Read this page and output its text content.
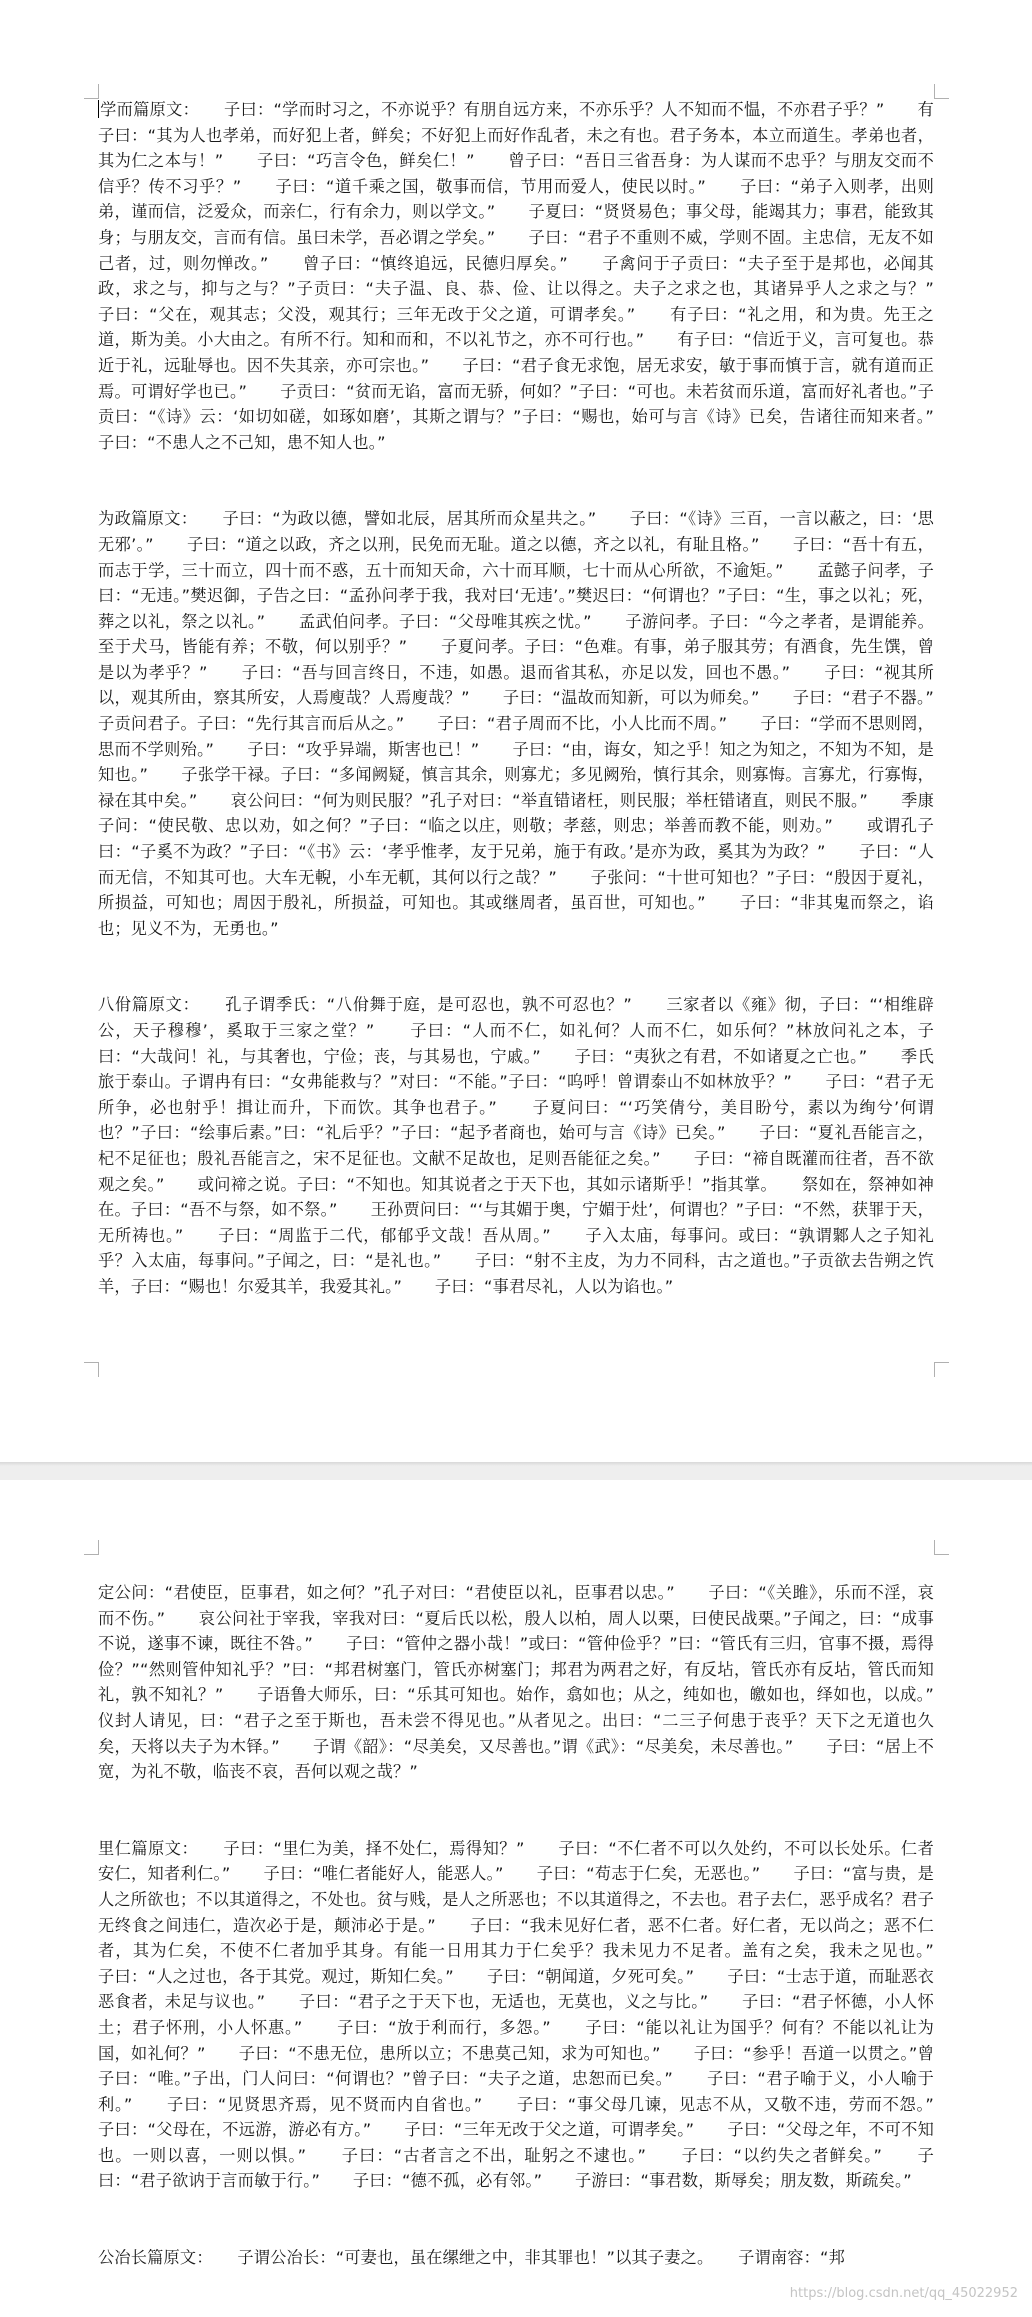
学而篇原文：　　子曰：“学而时习之，不亦说乎？有朋自远方来，不亦乐乎？人不知而不愠，不亦君子乎？”　　有子曰：“其为人也孝弟，而好犯上者，鲜矣；不好犯上而好作乱者，未之有也。君子务本，本立而道生。孝弟也者，其为仁之本与！”　　子曰：“巧言令色，鲜矣仁！”　　曾子曰：“吾日三省吾身：为人谋而不忠乎？与朋友交而不信乎？传不习乎？”　　子曰：“道千乘之国，敬事而信，节用而爱人，使民以时。”　　子曰：“弟子入则孝，出则弟，谨而信，泛爱众，而亲仁，行有余力，则以学文。”　　子夏曰：“贤贤易色；事父母，能竭其力；事君，能致其身；与朋友交，言而有信。虽曰未学，吾必谓之学矣。”　　子曰：“君子不重则不威，学则不固。主忠信，无友不如己者，过，则勿惮改。”　　曾子曰：“慎终追远，民德归厚矣。”　　子禽问于子贡曰：“夫子至于是邦也，必闻其政，求之与，抑与之与？”子贡曰：“夫子温、良、恭、俭、让以得之。夫子之求之也，其诸异乎人之求之与？”　　子曰：“父在，观其志；父没，观其行；三年无改于父之道，可谓孝矣。”　　有子曰：“礼之用，和为贵。先王之道，斯为美。小大由之。有所不行。知和而和，不以礼节之，亦不可行也。”　　有子曰：“信近于义，言可复也。恭近于礼，远耻辱也。因不失其亲，亦可宗也。”　　子曰：“君子食无求饱，居无求安，敏于事而慎于言，就有道而正焉。可谓好学也已。”　　子贡曰：“贫而无谄，富而无骄，何如？”子曰：“可也。未若贫而乐道，富而好礼者也。”子贡曰：“《诗》云：‘如切如磋，如琢如磨’，其斯之谓与？”子曰：“赐也，始可与言《诗》已矣，告诸往而知来者。”　　子曰：“不患人之不己知，患不知人也。”

为政篇原文：　　子曰：“为政以德，譬如北辰，居其所而众星共之。”　　子曰：“《诗》三百，一言以蔽之，曰：‘思无邪’。”　　子曰：“道之以政，齐之以刑，民免而无耻。道之以德，齐之以礼，有耻且格。”　　子曰：“吾十有五，而志于学，三十而立，四十而不惑，五十而知天命，六十而耳顺，七十而从心所欲，不逾矩。”　　孟懿子问孝，子曰：“无违。”樊迟御，子告之曰：“孟孙问孝于我，我对曰‘无违’。”樊迟曰：“何谓也？”子曰：“生，事之以礼；死，葬之以礼，祭之以礼。”　　孟武伯问孝。子曰：“父母唯其疾之忧。”　　子游问孝。子曰：“今之孝者，是谓能养。至于犬马，皆能有养；不敬，何以别乎？”　　子夏问孝。子曰：“色难。有事，弟子服其劳；有酒食，先生馔，曾是以为孝乎？”　　子曰：“吾与回言终日，不违，如愚。退而省其私，亦足以发，回也不愚。”　　子曰：“视其所以，观其所由，察其所安，人焉廋哉？人焉廋哉？”　　子曰：“温故而知新，可以为师矣。”　　子曰：“君子不器。”　　子贡问君子。子曰：“先行其言而后从之。”　　子曰：“君子周而不比，小人比而不周。”　　子曰：“学而不思则罔，思而不学则殆。”　　子曰：“攻乎异端，斯害也已！”　　子曰：“由，诲女，知之乎！知之为知之，不知为不知，是知也。”　　子张学干禄。子曰：“多闻阙疑，慎言其余，则寡尤；多见阙殆，慎行其余，则寡悔。言寡尤，行寡悔，禄在其中矣。”　　哀公问曰：“何为则民服？”孔子对曰：“举直错诸枉，则民服；举枉错诸直，则民不服。”　　季康子问：“使民敬、忠以劝，如之何？”子曰：“临之以庄，则敬；孝慈，则忠；举善而教不能，则劝。”　　或谓孔子曰：“子奚不为政？”子曰：“《书》云：‘孝乎惟孝，友于兄弟，施于有政。’是亦为政，奚其为为政？”　　子曰：“人而无信，不知其可也。大车无輗，小车无軏，其何以行之哉？”　　子张问：“十世可知也？”子曰：“殷因于夏礼，所损益，可知也；周因于殷礼，所损益，可知也。其或继周者，虽百世，可知也。”　　子曰：“非其鬼而祭之，谄也；见义不为，无勇也。”

八佾篇原文：　　孔子谓季氏：“八佾舞于庭，是可忍也，孰不可忍也？”　　三家者以《雍》彻，子曰：“‘相维辟公，天子穆穆’，奚取于三家之堂？”　　子曰：“人而不仁，如礼何？人而不仁，如乐何？”林放问礼之本，子曰：“大哉问！礼，与其奢也，宁俭；丧，与其易也，宁戚。”　　子曰：“夷狄之有君，不如诸夏之亡也。”　　季氏旅于泰山。子谓冉有曰：“女弗能救与？”对曰：“不能。”子曰：“呜呼！曾谓泰山不如林放乎？”　　子曰：“君子无所争，必也射乎！揖让而升，下而饮。其争也君子。”　　子夏问曰：“‘巧笑倩兮，美目盼兮，素以为绚兮’何谓也？”子曰：“绘事后素。”曰：“礼后乎？”子曰：“起予者商也，始可与言《诗》已矣。”　　子曰：“夏礼吾能言之，杞不足征也；殷礼吾能言之，宋不足征也。文献不足故也，足则吾能征之矣。”　　子曰：“禘自既灌而往者，吾不欲观之矣。”　　或问禘之说。子曰：“不知也。知其说者之于天下也，其如示诸斯乎！”指其掌。　　祭如在，祭神如神在。子曰：“吾不与祭，如不祭。”　　王孙贾问曰：“‘与其媚于奥，宁媚于灶’，何谓也？”子曰：“不然，获罪于天，无所祷也。”　　子曰：“周监于二代，郁郁乎文哉！吾从周。”　　子入太庙，每事问。或曰：“孰谓鄹人之子知礼乎？入太庙，每事问。”子闻之，曰：“是礼也。”　　子曰：“射不主皮，为力不同科，古之道也。”子贡欲去告朔之饩羊，子曰：“赐也！尔爱其羊，我爱其礼。”　　子曰：“事君尽礼，人以为谄也。”

定公问：“君使臣，臣事君，如之何？”孔子对曰：“君使臣以礼，臣事君以忠。”　　子曰：“《关雎》，乐而不淫，哀而不伤。”　　哀公问社于宰我，宰我对曰：“夏后氏以松，殷人以柏，周人以栗，曰使民战栗。”子闻之，曰：“成事不说，遂事不谏，既往不咎。”　　子曰：“管仲之器小哉！”或曰：“管仲俭乎？”曰：“管氏有三归，官事不摄，焉得俭？”“然则管仲知礼乎？”曰：“邦君树塞门，管氏亦树塞门；邦君为两君之好，有反坫，管氏亦有反坫，管氏而知礼，孰不知礼？”　　子语鲁大师乐，曰：“乐其可知也。始作，翕如也；从之，纯如也，皦如也，绎如也，以成。”　　仪封人请见，曰：“君子之至于斯也，吾未尝不得见也。”从者见之。出曰：“二三子何患于丧乎？天下之无道也久矣，天将以夫子为木铎。”　　子谓《韶》：“尽美矣，又尽善也。”谓《武》：“尽美矣，未尽善也。”　　子曰：“居上不宽，为礼不敬，临丧不哀，吾何以观之哉？”

里仁篇原文：　　子曰：“里仁为美，择不处仁，焉得知？”　　子曰：“不仁者不可以久处约，不可以长处乐。仁者安仁，知者利仁。”　　子曰：“唯仁者能好人，能恶人。”　　子曰：“苟志于仁矣，无恶也。”　　子曰：“富与贵，是人之所欲也；不以其道得之，不处也。贫与贱，是人之所恶也；不以其道得之，不去也。君子去仁，恶乎成名？君子无终食之间违仁，造次必于是，颠沛必于是。”　　子曰：“我未见好仁者，恶不仁者。好仁者，无以尚之；恶不仁者，其为仁矣，不使不仁者加乎其身。有能一日用其力于仁矣乎？我未见力不足者。盖有之矣，我未之见也。”　　子曰：“人之过也，各于其党。观过，斯知仁矣。”　　子曰：“朝闻道，夕死可矣。”　　子曰：“士志于道，而耻恶衣恶食者，未足与议也。”　　子曰：“君子之于天下也，无适也，无莫也，义之与比。”　　子曰：“君子怀德，小人怀土；君子怀刑，小人怀惠。”　　子曰：“放于利而行，多怨。”　　子曰：“能以礼让为国乎？何有？不能以礼让为国，如礼何？”　　子曰：“不患无位，患所以立；不患莫己知，求为可知也。”　　子曰：“参乎！吾道一以贯之。”曾子曰：“唯。”子出，门人问曰：“何谓也？”曾子曰：“夫子之道，忠恕而已矣。”　　子曰：“君子喻于义，小人喻于利。”　　子曰：“见贤思齐焉，见不贤而内自省也。”　　子曰：“事父母几谏，见志不从，又敬不违，劳而不怨。”　　子曰：“父母在，不远游，游必有方。”　　子曰：“三年无改于父之道，可谓孝矣。”　　子曰：“父母之年，不可不知也。一则以喜，一则以惧。”　　子曰：“古者言之不出，耻躬之不逮也。”　　子曰：“以约失之者鲜矣。”　　子曰：“君子欲讷于言而敏于行。”　　子曰：“德不孤，必有邻。”　　子游曰：“事君数，斯辱矣；朋友数，斯疏矣。”

公冶长篇原文：　　子谓公冶长：“可妻也，虽在缧绁之中，非其罪也！”以其子妻之。　　子谓南容：“邦

https://blog.csdn.net/qq_45022952
